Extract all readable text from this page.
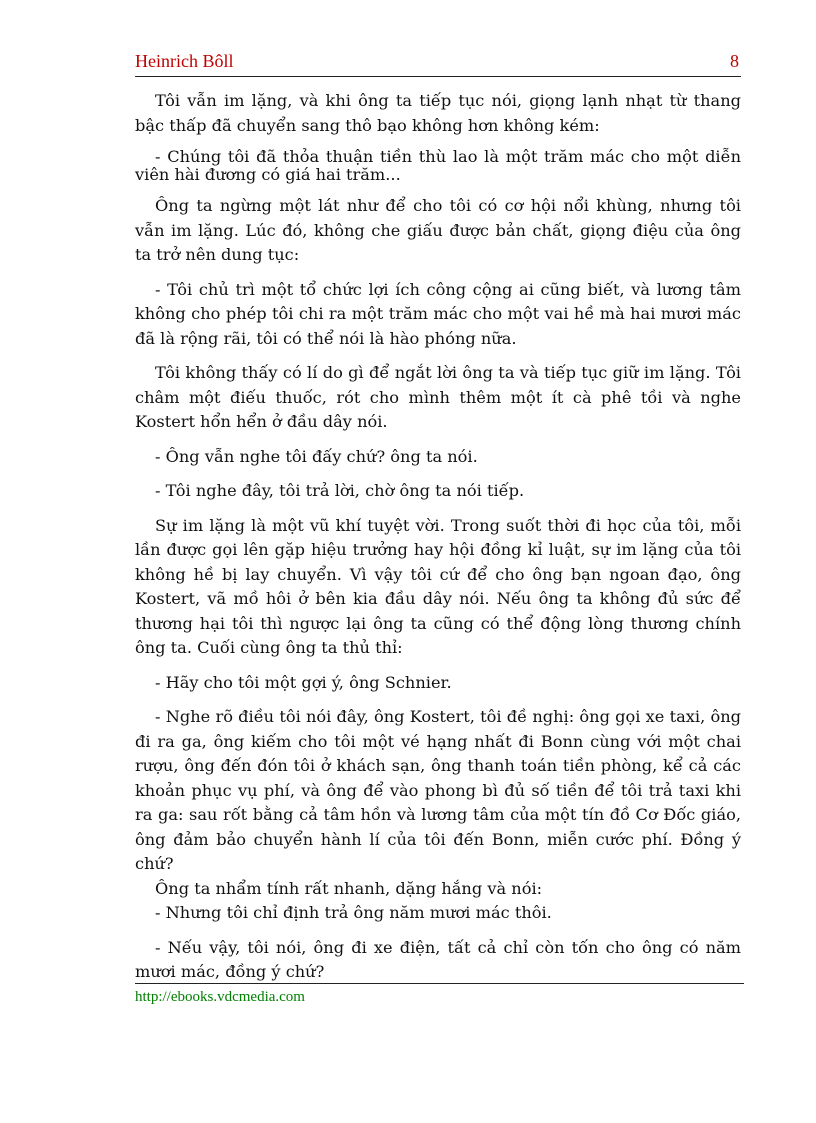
Heinrich Bôll	8

Tôi vẫn im lặng, và khi ông ta tiếp tục nói, giọng lạnh nhạt từ thang bậc thấp đã chuyển sang thô bạo không hơn không kém:

- Chúng tôi đã thỏa thuận tiền thù lao là một trăm mác cho một diễn viên hài đương có giá hai trăm...

Ông ta ngừng một lát như để cho tôi có cơ hội nổi khùng, nhưng tôi vẫn im lặng. Lúc đó, không che giấu được bản chất, giọng điệu của ông ta trở nên dung tục:

- Tôi chủ trì một tổ chức lợi ích công cộng ai cũng biết, và lương tâm không cho phép tôi chi ra một trăm mác cho một vai hề mà hai mươi mác đã là rộng rãi, tôi có thể nói là hào phóng nữa.

Tôi không thấy có lí do gì để ngắt lời ông ta và tiếp tục giữ im lặng. Tôi châm một điếu thuốc, rót cho mình thêm một ít cà phê tồi và nghe Kostert hổn hển ở đầu dây nói.

- Ông vẫn nghe tôi đấy chứ? ông ta nói.

- Tôi nghe đây, tôi trả lời, chờ ông ta nói tiếp.

Sự im lặng là một vũ khí tuyệt vời. Trong suốt thời đi học của tôi, mỗi lần được gọi lên gặp hiệu trưởng hay hội đồng kỉ luật, sự im lặng của tôi không hề bị lay chuyển. Vì vậy tôi cứ để cho ông bạn ngoan đạo, ông Kostert, vã mồ hôi ở bên kia đầu dây nói. Nếu ông ta không đủ sức để thương hại tôi thì ngược lại ông ta cũng có thể động lòng thương chính ông ta. Cuối cùng ông ta thủ thỉ:

- Hãy cho tôi một gợi ý, ông Schnier.

- Nghe rõ điều tôi nói đây, ông Kostert, tôi đề nghị: ông gọi xe taxi, ông đi ra ga, ông kiếm cho tôi một vé hạng nhất đi Bonn cùng với một chai rượu, ông đến đón tôi ở khách sạn, ông thanh toán tiền phòng, kể cả các khoản phục vụ phí, và ông để vào phong bì đủ số tiền để tôi trả taxi khi ra ga: sau rốt bằng cả tâm hồn và lương tâm của một tín đồ Cơ Đốc giáo, ông đảm bảo chuyển hành lí của tôi đến Bonn, miễn cước phí. Đồng ý chứ?

Ông ta nhẩm tính rất nhanh, dặng hắng và nói:

- Nhưng tôi chỉ định trả ông năm mươi mác thôi.

- Nếu vậy, tôi nói, ông đi xe điện, tất cả chỉ còn tốn cho ông có năm mươi mác, đồng ý chứ?

http://ebooks.vdcmedia.com
